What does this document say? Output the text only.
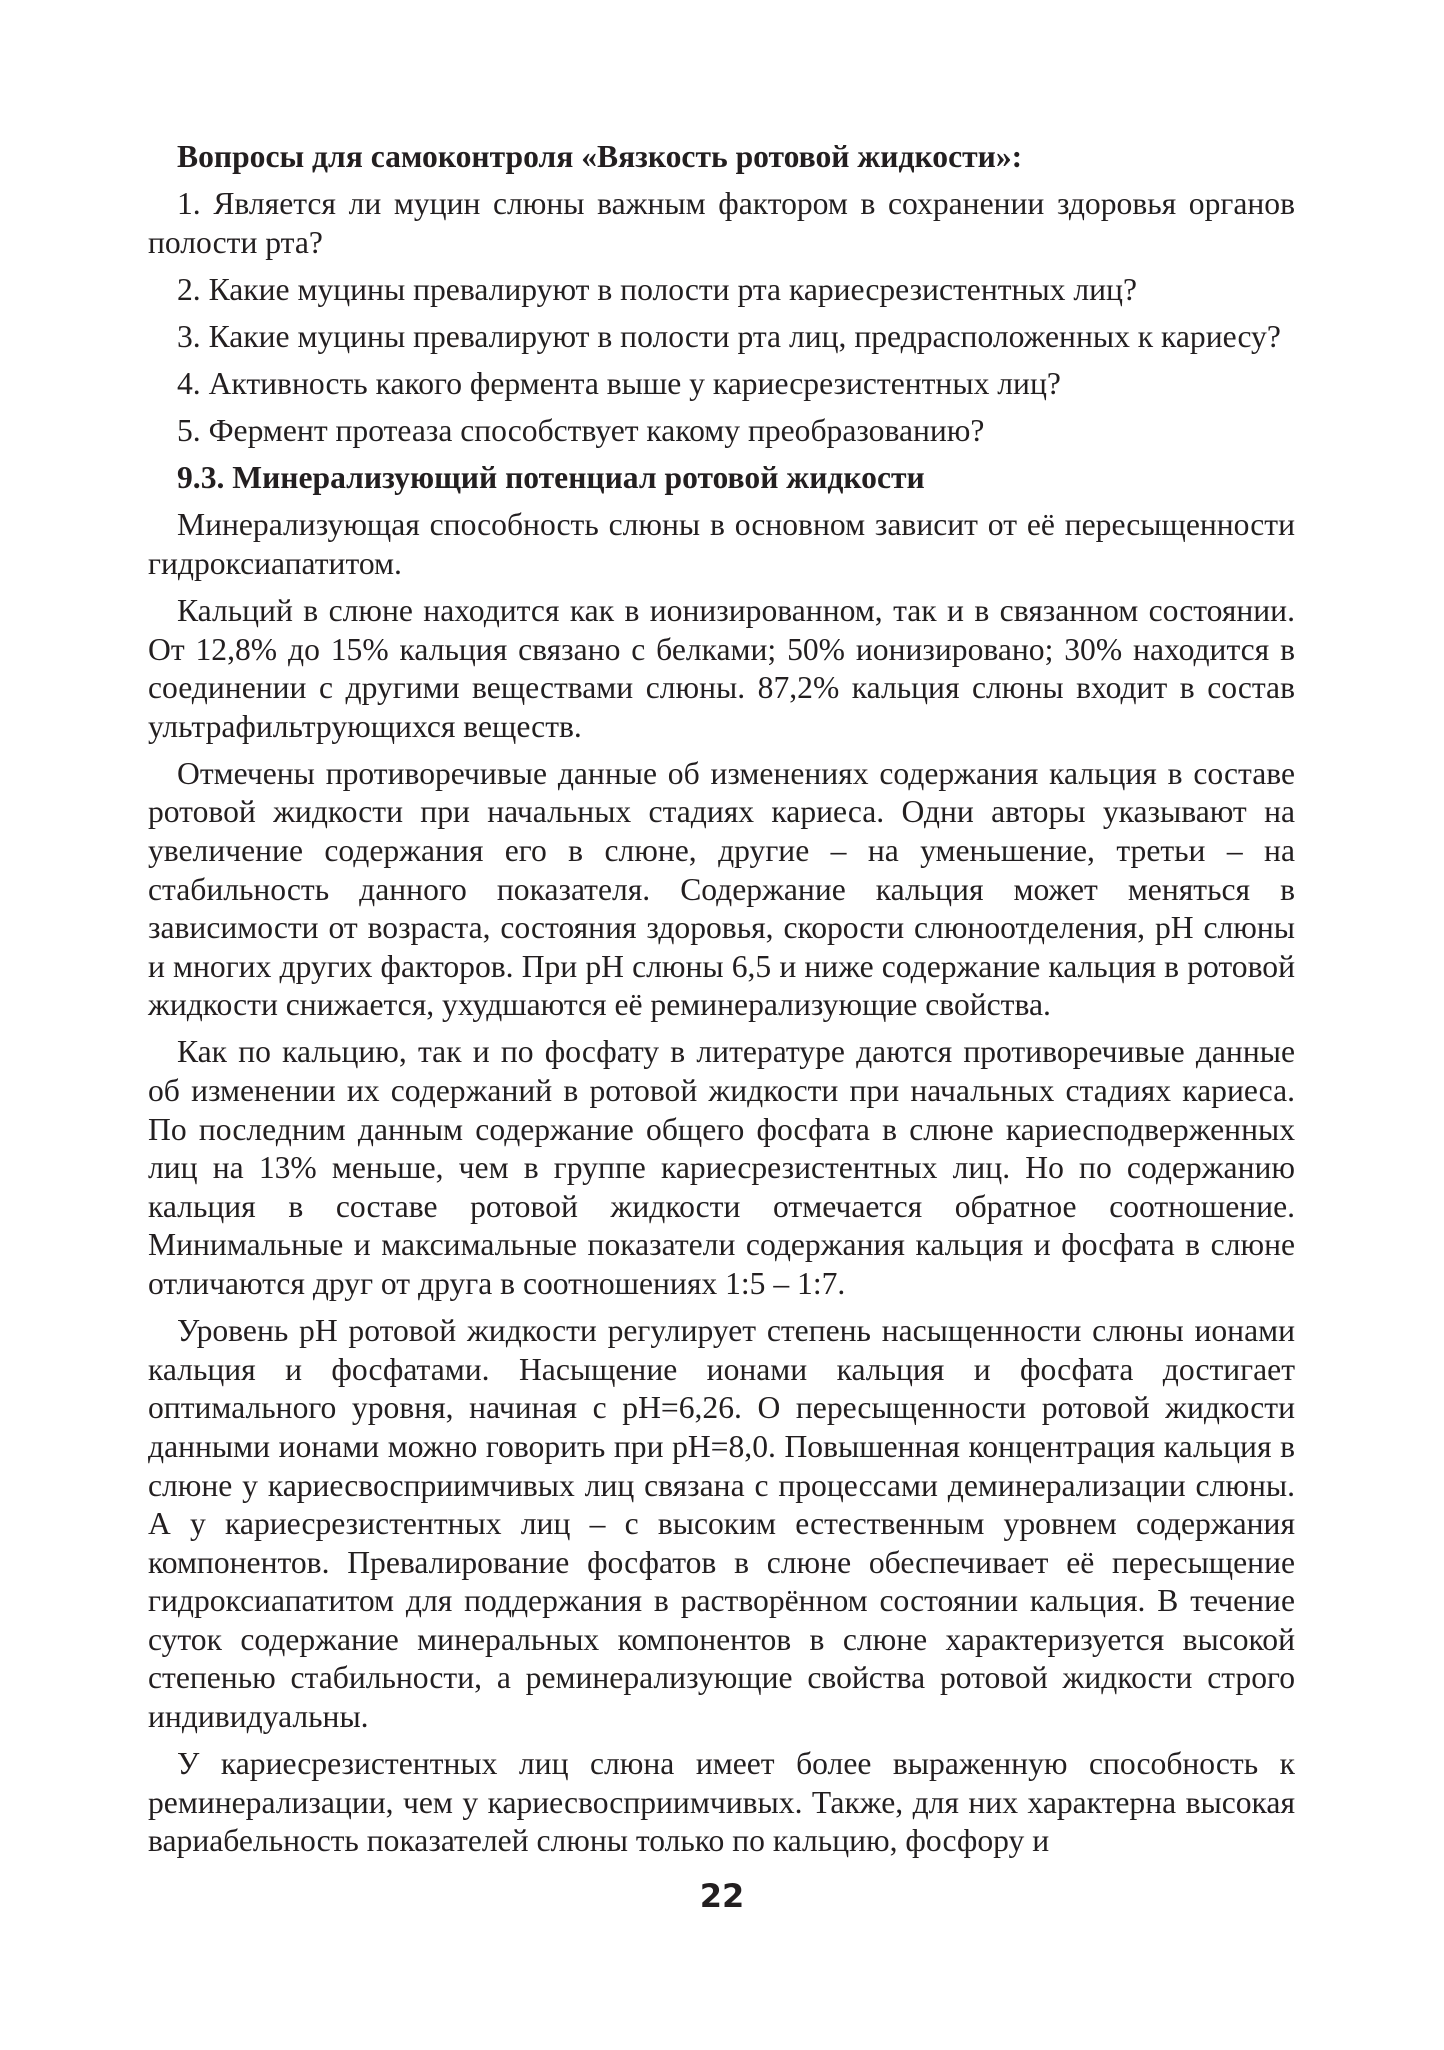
Вопросы для самоконтроля «Вязкость ротовой жидкости»:

1. Является ли муцин слюны важным фактором в сохранении здоровья органов полости рта?

2. Какие муцины превалируют в полости рта кариесрезистентных лиц?

3. Какие муцины превалируют в полости рта лиц, предрасположенных к кариесу?

4. Активность какого фермента выше у кариесрезистентных лиц?

5. Фермент протеаза способствует какому преобразованию?

9.3. Минерализующий потенциал ротовой жидкости

Минерализующая способность слюны в основном зависит от её пересыщенности гидроксиапатитом.

Кальций в слюне находится как в ионизированном, так и в связанном состоянии. От 12,8% до 15% кальция связано с белками; 50% ионизировано; 30% находится в соединении с другими веществами слюны. 87,2% кальция слюны входит в состав ультрафильтрующихся веществ.

Отмечены противоречивые данные об изменениях содержания кальция в составе ротовой жидкости при начальных стадиях кариеса. Одни авторы указывают на увеличение содержания его в слюне, другие – на уменьшение, третьи – на стабильность данного показателя. Содержание кальция может меняться в зависимости от возраста, состояния здоровья, скорости слюноотделения, pH слюны и многих других факторов. При pH слюны 6,5 и ниже содержание кальция в ротовой жидкости снижается, ухудшаются её реминерализующие свойства.

Как по кальцию, так и по фосфату в литературе даются противоречивые данные об изменении их содержаний в ротовой жидкости при начальных стадиях кариеса. По последним данным содержание общего фосфата в слюне кариесподверженных лиц на 13% меньше, чем в группе кариесрезистентных лиц. Но по содержанию кальция в составе ротовой жидкости отмечается обратное соотношение. Минимальные и максимальные показатели содержания кальция и фосфата в слюне отличаются друг от друга в соотношениях 1:5 – 1:7.

Уровень pH ротовой жидкости регулирует степень насыщенности слюны ионами кальция и фосфатами. Насыщение ионами кальция и фосфата достигает оптимального уровня, начиная с pH=6,26. О пересыщенности ротовой жидкости данными ионами можно говорить при pH=8,0. Повышенная концентрация кальция в слюне у кариесвосприимчивых лиц связана с процессами деминерализации слюны. А у кариесрезистентных лиц – с высоким естественным уровнем содержания компонентов. Превалирование фосфатов в слюне обеспечивает её пересыщение гидроксиапатитом для поддержания в растворённом состоянии кальция. В течение суток содержание минеральных компонентов в слюне характеризуется высокой степенью стабильности, а реминерализующие свойства ротовой жидкости строго индивидуальны.

У кариесрезистентных лиц слюна имеет более выраженную способность к реминерализации, чем у кариесвосприимчивых. Также, для них характерна высокая вариабельность показателей слюны только по кальцию, фосфору и

22
